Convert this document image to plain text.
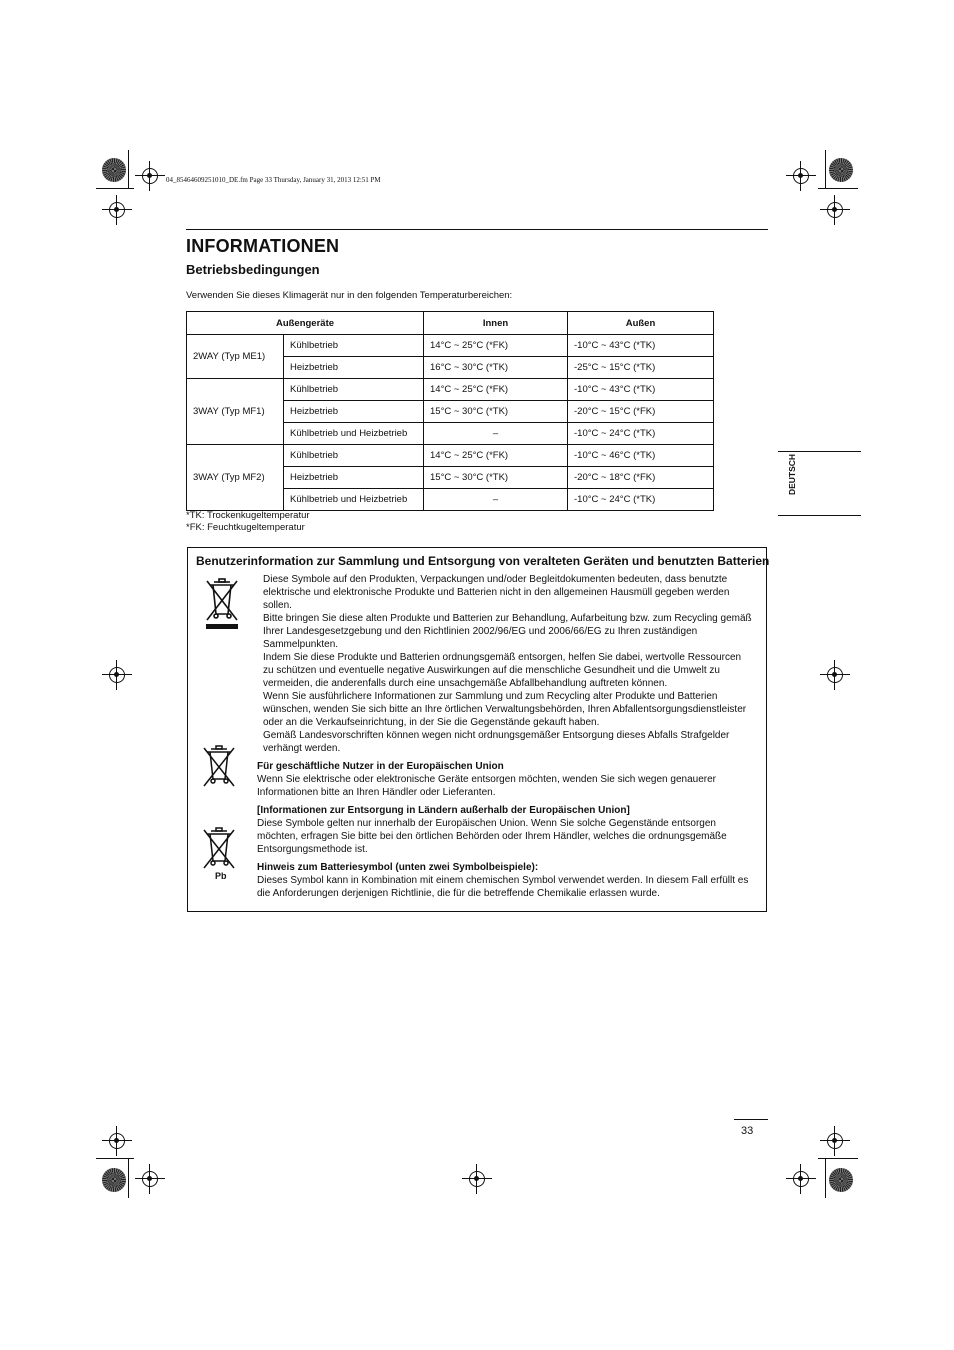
04_85464609251010_DE.fm Page 33 Thursday, January 31, 2013 12:51 PM
INFORMATIONEN
Betriebsbedingungen
Verwenden Sie dieses Klimagerät nur in den folgenden Temperaturbereichen:
Außengeräte		Innen	Außen
2WAY (Typ ME1)	Kühlbetrieb	14°C ~ 25°C (*FK)	-10°C ~ 43°C (*TK)
	Heizbetrieb	16°C ~ 30°C (*TK)	-25°C ~ 15°C (*TK)
3WAY (Typ MF1)	Kühlbetrieb	14°C ~ 25°C (*FK)	-10°C ~ 43°C (*TK)
	Heizbetrieb	15°C ~ 30°C (*TK)	-20°C ~ 15°C (*FK)
	Kühlbetrieb und Heizbetrieb	–	-10°C ~ 24°C (*TK)
3WAY (Typ MF2)	Kühlbetrieb	14°C ~ 25°C (*FK)	-10°C ~ 46°C (*TK)
	Heizbetrieb	15°C ~ 30°C (*TK)	-20°C ~ 18°C (*FK)
	Kühlbetrieb und Heizbetrieb	–	-10°C ~ 24°C (*TK)
*TK: Trockenkugeltemperatur
*FK: Feuchtkugeltemperatur
DEUTSCH
Benutzerinformation zur Sammlung und Entsorgung von veralteten Geräten und benutzten Batterien
Diese Symbole auf den Produkten, Verpackungen und/oder Begleitdokumenten bedeuten, dass benutzte elektrische und elektronische Produkte und Batterien nicht in den allgemeinen Hausmüll gegeben werden sollen.
Bitte bringen Sie diese alten Produkte und Batterien zur Behandlung, Aufarbeitung bzw. zum Recycling gemäß Ihrer Landesgesetzgebung und den Richtlinien 2002/96/EG und 2006/66/EG zu Ihren zuständigen Sammelpunkten.
Indem Sie diese Produkte und Batterien ordnungsgemäß entsorgen, helfen Sie dabei, wertvolle Ressourcen zu schützen und eventuelle negative Auswirkungen auf die menschliche Gesundheit und die Umwelt zu vermeiden, die anderenfalls durch eine unsachgemäße Abfallbehandlung auftreten können.
Wenn Sie ausführlichere Informationen zur Sammlung und zum Recycling alter Produkte und Batterien wünschen, wenden Sie sich bitte an Ihre örtlichen Verwaltungsbehörden, Ihren Abfallentsorgungsdienstleister oder an die Verkaufseinrichtung, in der Sie die Gegenstände gekauft haben.
Gemäß Landesvorschriften können wegen nicht ordnungsgemäßer Entsorgung dieses Abfalls Strafgelder verhängt werden.
Für geschäftliche Nutzer in der Europäischen Union
Wenn Sie elektrische oder elektronische Geräte entsorgen möchten, wenden Sie sich wegen genauerer Informationen bitte an Ihren Händler oder Lieferanten.
[Informationen zur Entsorgung in Ländern außerhalb der Europäischen Union]
Diese Symbole gelten nur innerhalb der Europäischen Union. Wenn Sie solche Gegenstände entsorgen möchten, erfragen Sie bitte bei den örtlichen Behörden oder Ihrem Händler, welches die ordnungsgemäße Entsorgungsmethode ist.
Pb
Hinweis zum Batteriesymbol (unten zwei Symbolbeispiele):
Dieses Symbol kann in Kombination mit einem chemischen Symbol verwendet werden. In diesem Fall erfüllt es die Anforderungen derjenigen Richtlinie, die für die betreffende Chemikalie erlassen wurde.
33
